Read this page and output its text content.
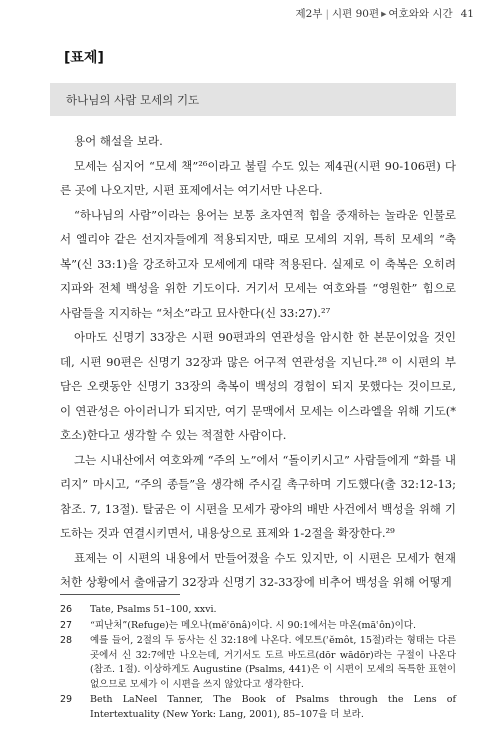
제2부 | 시편 90편 ▸ 여호와와 시간 41
[표제]
하나님의 사람 모세의 기도

용어 해설을 보라.

모세는 심지어 “모세 책”²⁶이라고 불릴 수도 있는 제4권(시편 90-106편) 다른 곳에 나오지만, 시편 표제에서는 여기서만 나온다.

“하나님의 사람”이라는 용어는 보통 초자연적 힘을 중재하는 놀라운 인물로서 엘리야 같은 선지자들에게 적용되지만, 때로 모세의 지위, 특히 모세의 “축복”(신 33:1)을 강조하고자 모세에게 대략 적용된다. 실제로 이 축복은 오히려 지파와 전체 백성을 위한 기도이다. 거기서 모세는 여호와를 “영원한” 힘으로 사람들을 지지하는 “처소”라고 묘사한다(신 33:27).²⁷

아마도 신명기 33장은 시편 90편과의 연관성을 암시한 한 본문이었을 것인데, 시편 90편은 신명기 32장과 많은 어구적 연관성을 지닌다.²⁸ 이 시편의 부담은 오랫동안 신명기 33장의 축복이 백성의 경험이 되지 못했다는 것이므로, 이 연관성은 아이러니가 되지만, 여기 문맥에서 모세는 이스라엘을 위해 기도(*호소)한다고 생각할 수 있는 적절한 사람이다.

그는 시내산에서 여호와께 “주의 노”에서 “돌이키시고” 사람들에게 “화를 내리지” 마시고, “주의 종들”을 생각해 주시길 촉구하며 기도했다(출 32:12-13; 참조. 7, 13절). 탈굼은 이 시편을 모세가 광야의 배반 사건에서 백성을 위해 기도하는 것과 연결시키면서, 내용상으로 표제와 1-2절을 확장한다.²⁹

표제는 이 시편의 내용에서 만들어졌을 수도 있지만, 이 시편은 모세가 현재 처한 상황에서 출애굽기 32장과 신명기 32-33장에 비추어 백성을 위해 어떻게

26	Tate, Psalms 51–100, xxvi.
27	“피난처”(Refuge)는 메오나(mĕʿōnâ)이다. 시 90:1에서는 마온(māʿôn)이다.
28	예를 들어, 2절의 두 동사는 신 32:18에 나온다. 에모트(ʾĕmôt, 15절)라는 형태는 다른 곳에서 신 32:7에만 나오는데, 거기서도 도르 바도르(dōr wādōr)라는 구절이 나온다(참조. 1절). 이상하게도 Augustine (Psalms, 441)은 이 시편이 모세의 독특한 표현이 없으므로 모세가 이 시편을 쓰지 않았다고 생각한다.
29	Beth LaNeel Tanner, The Book of Psalms through the Lens of Intertextuality (New York: Lang, 2001), 85–107을 더 보라.
